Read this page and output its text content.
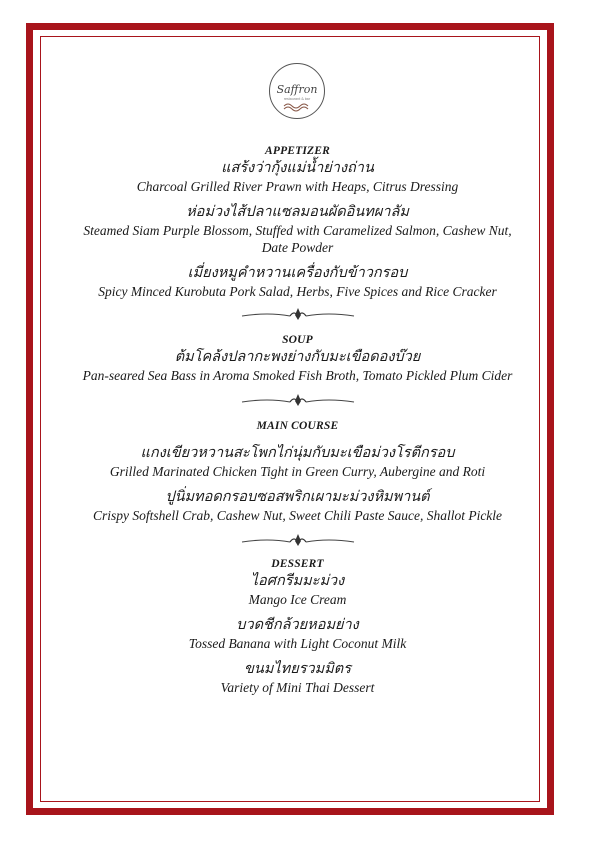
Saffron
restaurant & bar

APPETIZER

แสร้งว่ากุ้งแม่น้ำย่างถ่าน

Charcoal Grilled River Prawn with Heaps, Citrus Dressing

ห่อม่วงไส้ปลาแซลมอนผัดอินทผาลัม

Steamed Siam Purple Blossom, Stuffed with Caramelized Salmon, Cashew Nut,

Date Powder

เมี่ยงหมูคำหวานเครื่องกับข้าวกรอบ

Spicy Minced Kurobuta Pork Salad, Herbs, Five Spices and Rice Cracker

SOUP

ต้มโคล้งปลากะพงย่างกับมะเขือดองบ๊วย

Pan-seared Sea Bass in Aroma Smoked Fish Broth, Tomato Pickled Plum Cider

MAIN COURSE

แกงเขียวหวานสะโพกไก่นุ่มกับมะเขือม่วงโรตีกรอบ

Grilled Marinated Chicken Tight in Green Curry, Aubergine and Roti

ปูนิ่มทอดกรอบซอสพริกเผามะม่วงหิมพานต์

Crispy Softshell Crab, Cashew Nut, Sweet Chili Paste Sauce, Shallot Pickle

DESSERT

ไอศกรีมมะม่วง

Mango Ice Cream

บวดชีกล้วยหอมย่าง

Tossed Banana with Light Coconut Milk

ขนมไทยรวมมิตร

Variety of Mini Thai Dessert
